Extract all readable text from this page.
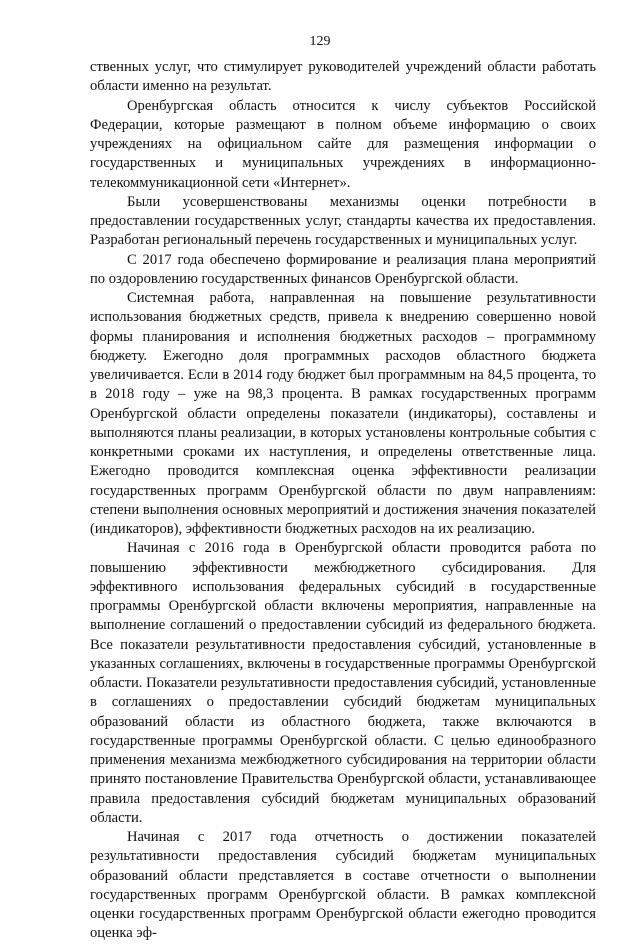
129

ственных услуг, что стимулирует руководителей учреждений области работать области именно на результат.

Оренбургская область относится к числу субъектов Российской Федерации, которые размещают в полном объеме информацию о своих учреждениях на официальном сайте для размещения информации о государственных и муниципальных учреждениях в информационно-телекоммуникационной сети «Интернет».

Были усовершенствованы механизмы оценки потребности в предоставлении государственных услуг, стандарты качества их предоставления. Разработан региональный перечень государственных и муниципальных услуг.

С 2017 года обеспечено формирование и реализация плана мероприятий по оздоровлению государственных финансов Оренбургской области.

Системная работа, направленная на повышение результативности использования бюджетных средств, привела к внедрению совершенно новой формы планирования и исполнения бюджетных расходов – программному бюджету. Ежегодно доля программных расходов областного бюджета увеличивается. Если в 2014 году бюджет был программным на 84,5 процента, то в 2018 году – уже на 98,3 процента. В рамках государственных программ Оренбургской области определены показатели (индикаторы), составлены и выполняются планы реализации, в которых установлены контрольные события с конкретными сроками их наступления, и определены ответственные лица. Ежегодно проводится комплексная оценка эффективности реализации государственных программ Оренбургской области по двум направлениям: степени выполнения основных мероприятий и достижения значения показателей (индикаторов), эффективности бюджетных расходов на их реализацию.

Начиная с 2016 года в Оренбургской области проводится работа по повышению эффективности межбюджетного субсидирования. Для эффективного использования федеральных субсидий в государственные программы Оренбургской области включены мероприятия, направленные на выполнение соглашений о предоставлении субсидий из федерального бюджета. Все показатели результативности предоставления субсидий, установленные в указанных соглашениях, включены в государственные программы Оренбургской области. Показатели результативности предоставления субсидий, установленные в соглашениях о предоставлении субсидий бюджетам муниципальных образований области из областного бюджета, также включаются в государственные программы Оренбургской области. С целью единообразного применения механизма межбюджетного субсидирования на территории области принято постановление Правительства Оренбургской области, устанавливающее правила предоставления субсидий бюджетам муниципальных образований области.

Начиная с 2017 года отчетность о достижении показателей результативности предоставления субсидий бюджетам муниципальных образований области представляется в составе отчетности о выполнении государственных программ Оренбургской области. В рамках комплексной оценки государственных программ Оренбургской области ежегодно проводится оценка эф-
